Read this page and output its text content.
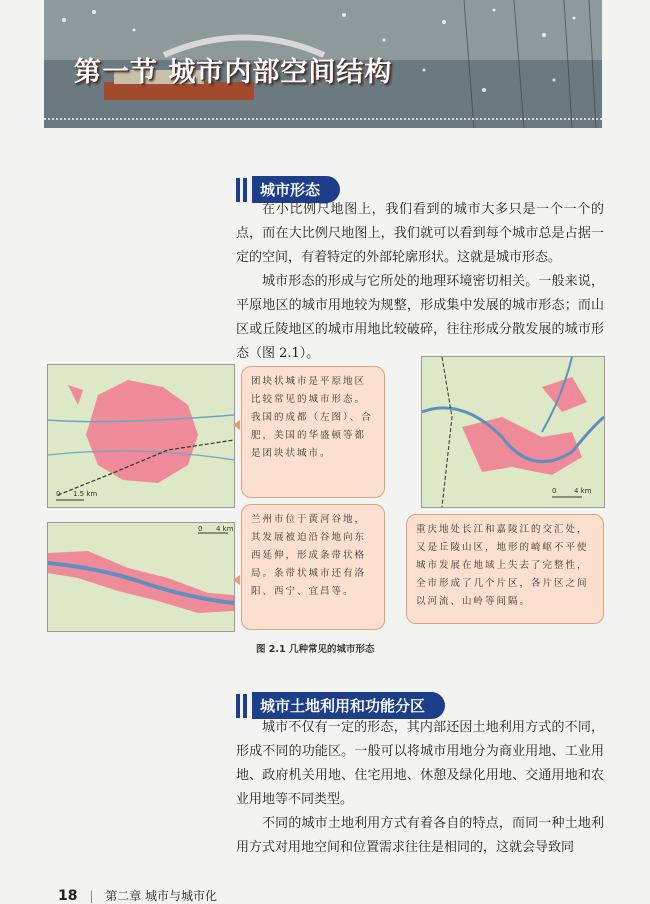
第一节 城市内部空间结构
城市形态

在小比例尺地图上，我们看到的城市大多只是一个一个的点，而在大比例尺地图上，我们就可以看到每个城市总是占据一定的空间，有着特定的外部轮廓形状。这就是城市形态。

城市形态的形成与它所处的地理环境密切相关。一般来说，平原地区的城市用地较为规整，形成集中发展的城市形态；而山区或丘陵地区的城市用地比较破碎，往往形成分散发展的城市形态（图 2.1）。

0 1.5 km
团块状城市是平原地区比较常见的城市形态。我国的成都（左图）、合肥，美国的华盛顿等都是团块状城市。
0	4 km
0 4 km
兰州市位于黄河谷地，其发展被迫沿谷地向东西延伸，形成条带状格局。条带状城市还有洛阳、西宁、宜昌等。
重庆地处长江和嘉陵江的交汇处，又是丘陵山区，地形的崎岖不平使城市发展在地域上失去了完整性，全市形成了几个片区，各片区之间以河流、山岭等间隔。
图 2.1 几种常见的城市形态
城市土地利用和功能分区

城市不仅有一定的形态，其内部还因土地利用方式的不同，形成不同的功能区。一般可以将城市用地分为商业用地、工业用地、政府机关用地、住宅用地、休憩及绿化用地、交通用地和农业用地等不同类型。

不同的城市土地利用方式有着各自的特点，而同一种土地利用方式对用地空间和位置需求往往是相同的，这就会导致同

18 | 第二章 城市与城市化
